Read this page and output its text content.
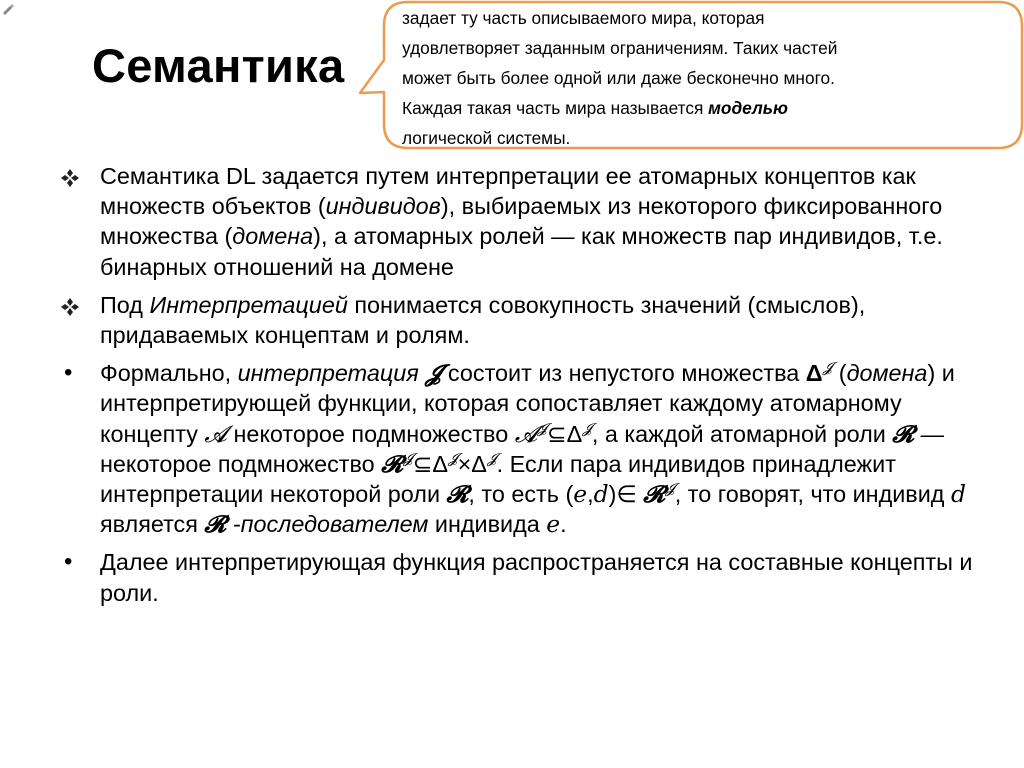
Семантика

задает ту часть описываемого мира, которая

удовлетворяет заданным ограничениям. Таких частей

может быть более одной или даже бесконечно много.

Каждая такая часть мира называется моделью

логической системы.

Семантика DL задается путем интерпретации ее атомарных концептов как множеств объектов (индивидов), выбираемых из некоторого фиксированного множества (домена), а атомарных ролей — как множеств пар индивидов, т.е. бинарных отношений на домене
Под Интерпретацией понимается совокупность значений (смыслов), придаваемых концептам и ролям.
•	Формально, интерпретация 𝓙 состоит из непустого множества $\Delta^𝓙$ (домена) и интерпретирующей функции, которая сопоставляет каждому атомарному концепту 𝓐 некоторое подмножество $𝓐^𝓙⊆\Delta^𝓙$, а каждой атомарной роли 𝓡 — некоторое подмножество $𝓡^𝓙⊆\Delta^𝓙\times\Delta^𝓙$. Если пара индивидов принадлежит интерпретации некоторой роли 𝓡, то есть (e,d)∈ 𝓡$^𝓙$, то говорят, что индивид d является 𝓡 -последователем индивида e.
•	Далее интерпретирующая функция распространяется на составные концепты и роли.
